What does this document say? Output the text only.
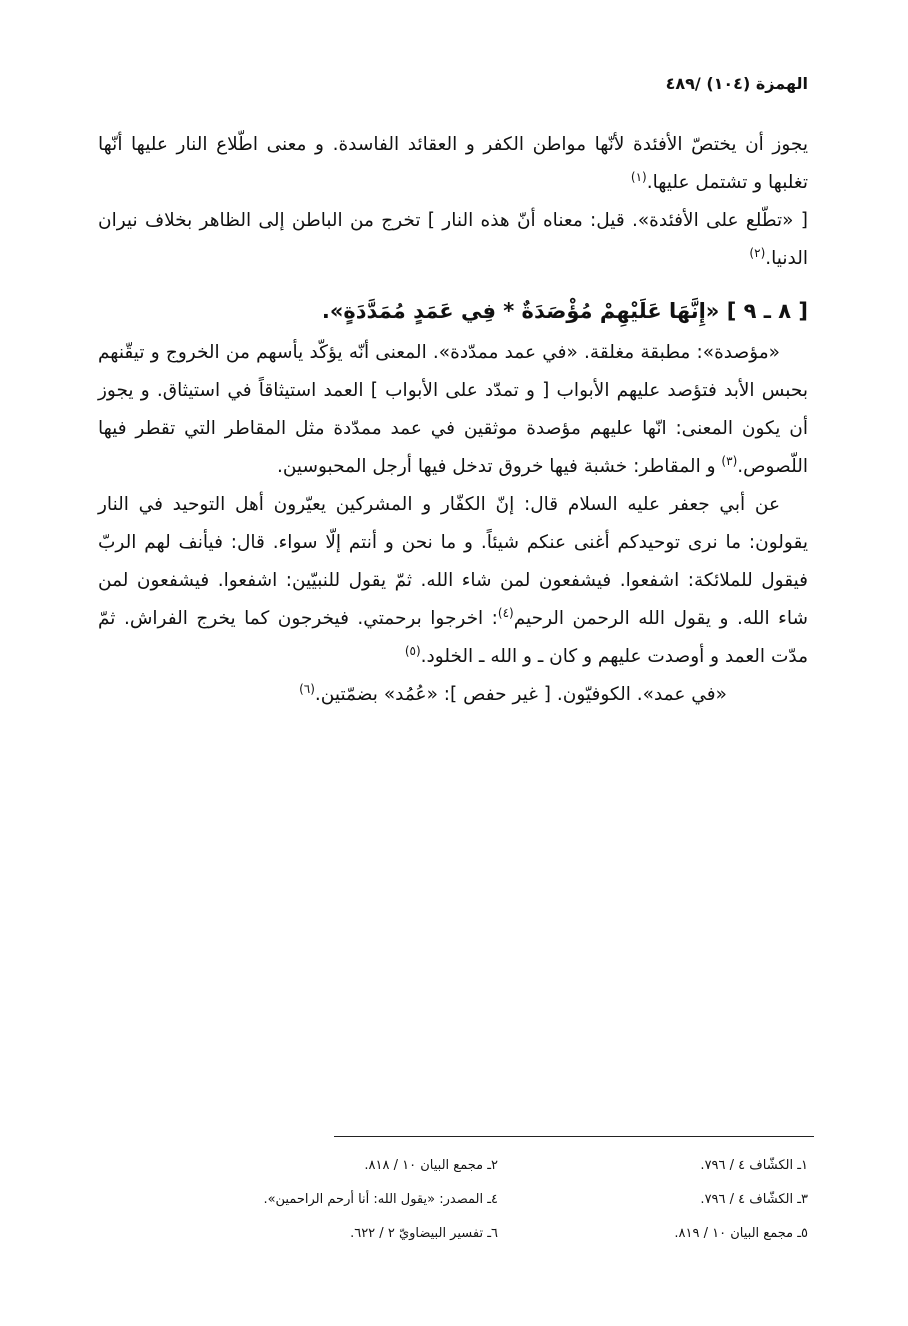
الهمزة (١٠٤) /٤٨٩

يجوز أن يختصّ الأفئدة لأنّها مواطن الكفر و العقائد الفاسدة. و معنى اطّلاع النار عليها أنّها تغلبها و تشتمل عليها.$^{(١)}$

[ «تطّلع على الأفئدة». قيل: معناه أنّ هذه النار ] تخرج من الباطن إلى الظاهر بخلاف نيران الدنيا.$^{(٢)}$

[ ٨ ـ ٩ ] «إِنَّهَا عَلَيْهِمْ مُؤْصَدَةٌ * فِي عَمَدٍ مُمَدَّدَةٍ».

«مؤصدة»: مطبقة مغلقة. «في عمد ممدّدة». المعنى أنّه يؤكّد يأسهم من الخروج و تيقّنهم بحبس الأبد فتؤصد عليهم الأبواب [ و تمدّد على الأبواب ] العمد استيثاقاً في استيثاق. و يجوز أن يكون المعنى: انّها عليهم مؤصدة موثقين في عمد ممدّدة مثل المقاطر التي تقطر فيها اللّصوص.$^{(٣)}$ و المقاطر: خشبة فيها خروق تدخل فيها أرجل المحبوسين.

عن أبي جعفر عليه السلام قال: إنّ الكفّار و المشركين يعيّرون أهل التوحيد في النار يقولون: ما نرى توحيدكم أغنى عنكم شيئاً. و ما نحن و أنتم إلّا سواء. قال: فيأنف لهم الربّ فيقول للملائكة: اشفعوا. فيشفعون لمن شاء الله. ثمّ يقول للنبيّين: اشفعوا. فيشفعون لمن شاء الله. و يقول الله الرحمن الرحيم$^{(٤)}$: اخرجوا برحمتي. فيخرجون كما يخرج الفراش. ثمّ مدّت العمد و أوصدت عليهم و كان ـ و الله ـ الخلود.$^{(٥)}$

«في عمد». الكوفيّون. [ غير حفص ]: «عُمُد» بضمّتين.$^{(٦)}$

١ـ الكشّاف ٤ / ٧٩٦.
٢ـ مجمع البيان ١٠ / ٨١٨.
٣ـ الكشّاف ٤ / ٧٩٦.
٤ـ المصدر: «يقول الله: أنا أرحم الراحمين».
٥ـ مجمع البيان ١٠ / ٨١٩.
٦ـ تفسير البيضاويّ ٢ / ٦٢٢.
